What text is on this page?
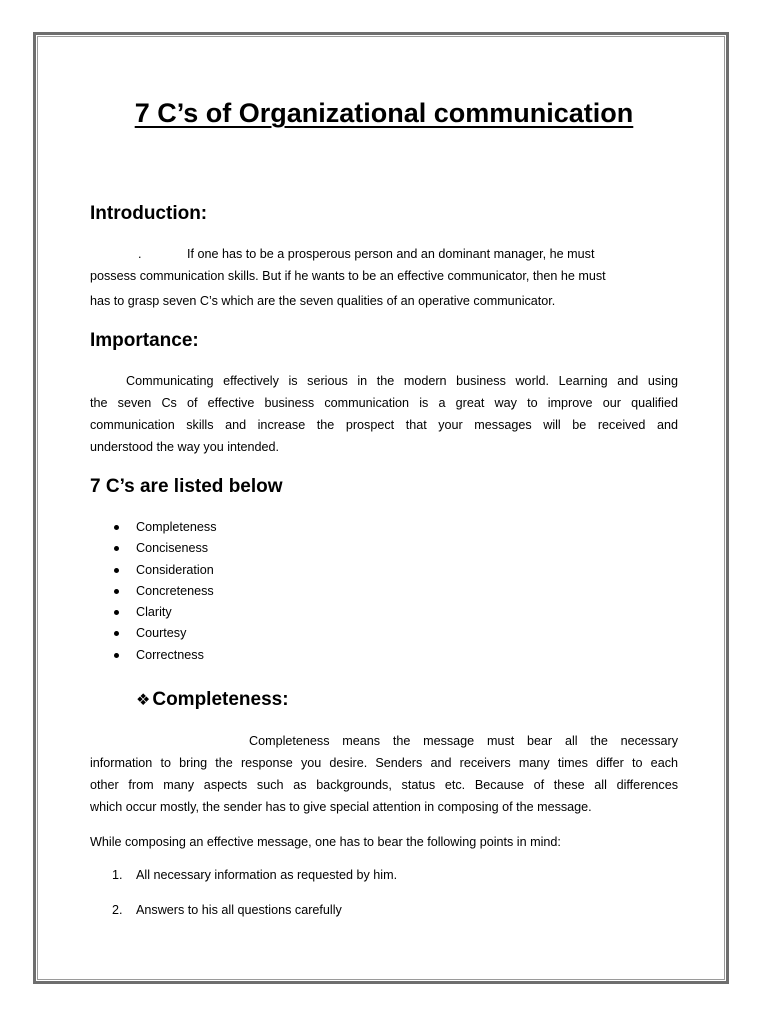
7 C’s of Organizational communication
Introduction:
.             If one has to be a prosperous person and an dominant manager, he must
possess communication skills. But if he wants to be an effective communicator, then he must
has to grasp seven C’s which are the seven qualities of an operative communicator.
Importance:
Communicating effectively is serious in the modern business world. Learning and using
the seven Cs of effective business communication is a great way to improve our qualified
communication skills and increase the prospect that your messages will be received and
understood the way you intended.
7 C’s are listed below
Completeness
Conciseness
Consideration
Concreteness
Clarity
Courtesy
Correctness
❖ Completeness:
Completeness means the message must bear all the necessary
information to bring the response you desire. Senders and receivers many times differ to each
other from many aspects such as backgrounds, status etc. Because of these all differences
which occur mostly, the sender has to give special attention in composing of the message.
While composing an effective message, one has to bear the following points in mind:
1. All necessary information as requested by him.
2. Answers to his all questions carefully
